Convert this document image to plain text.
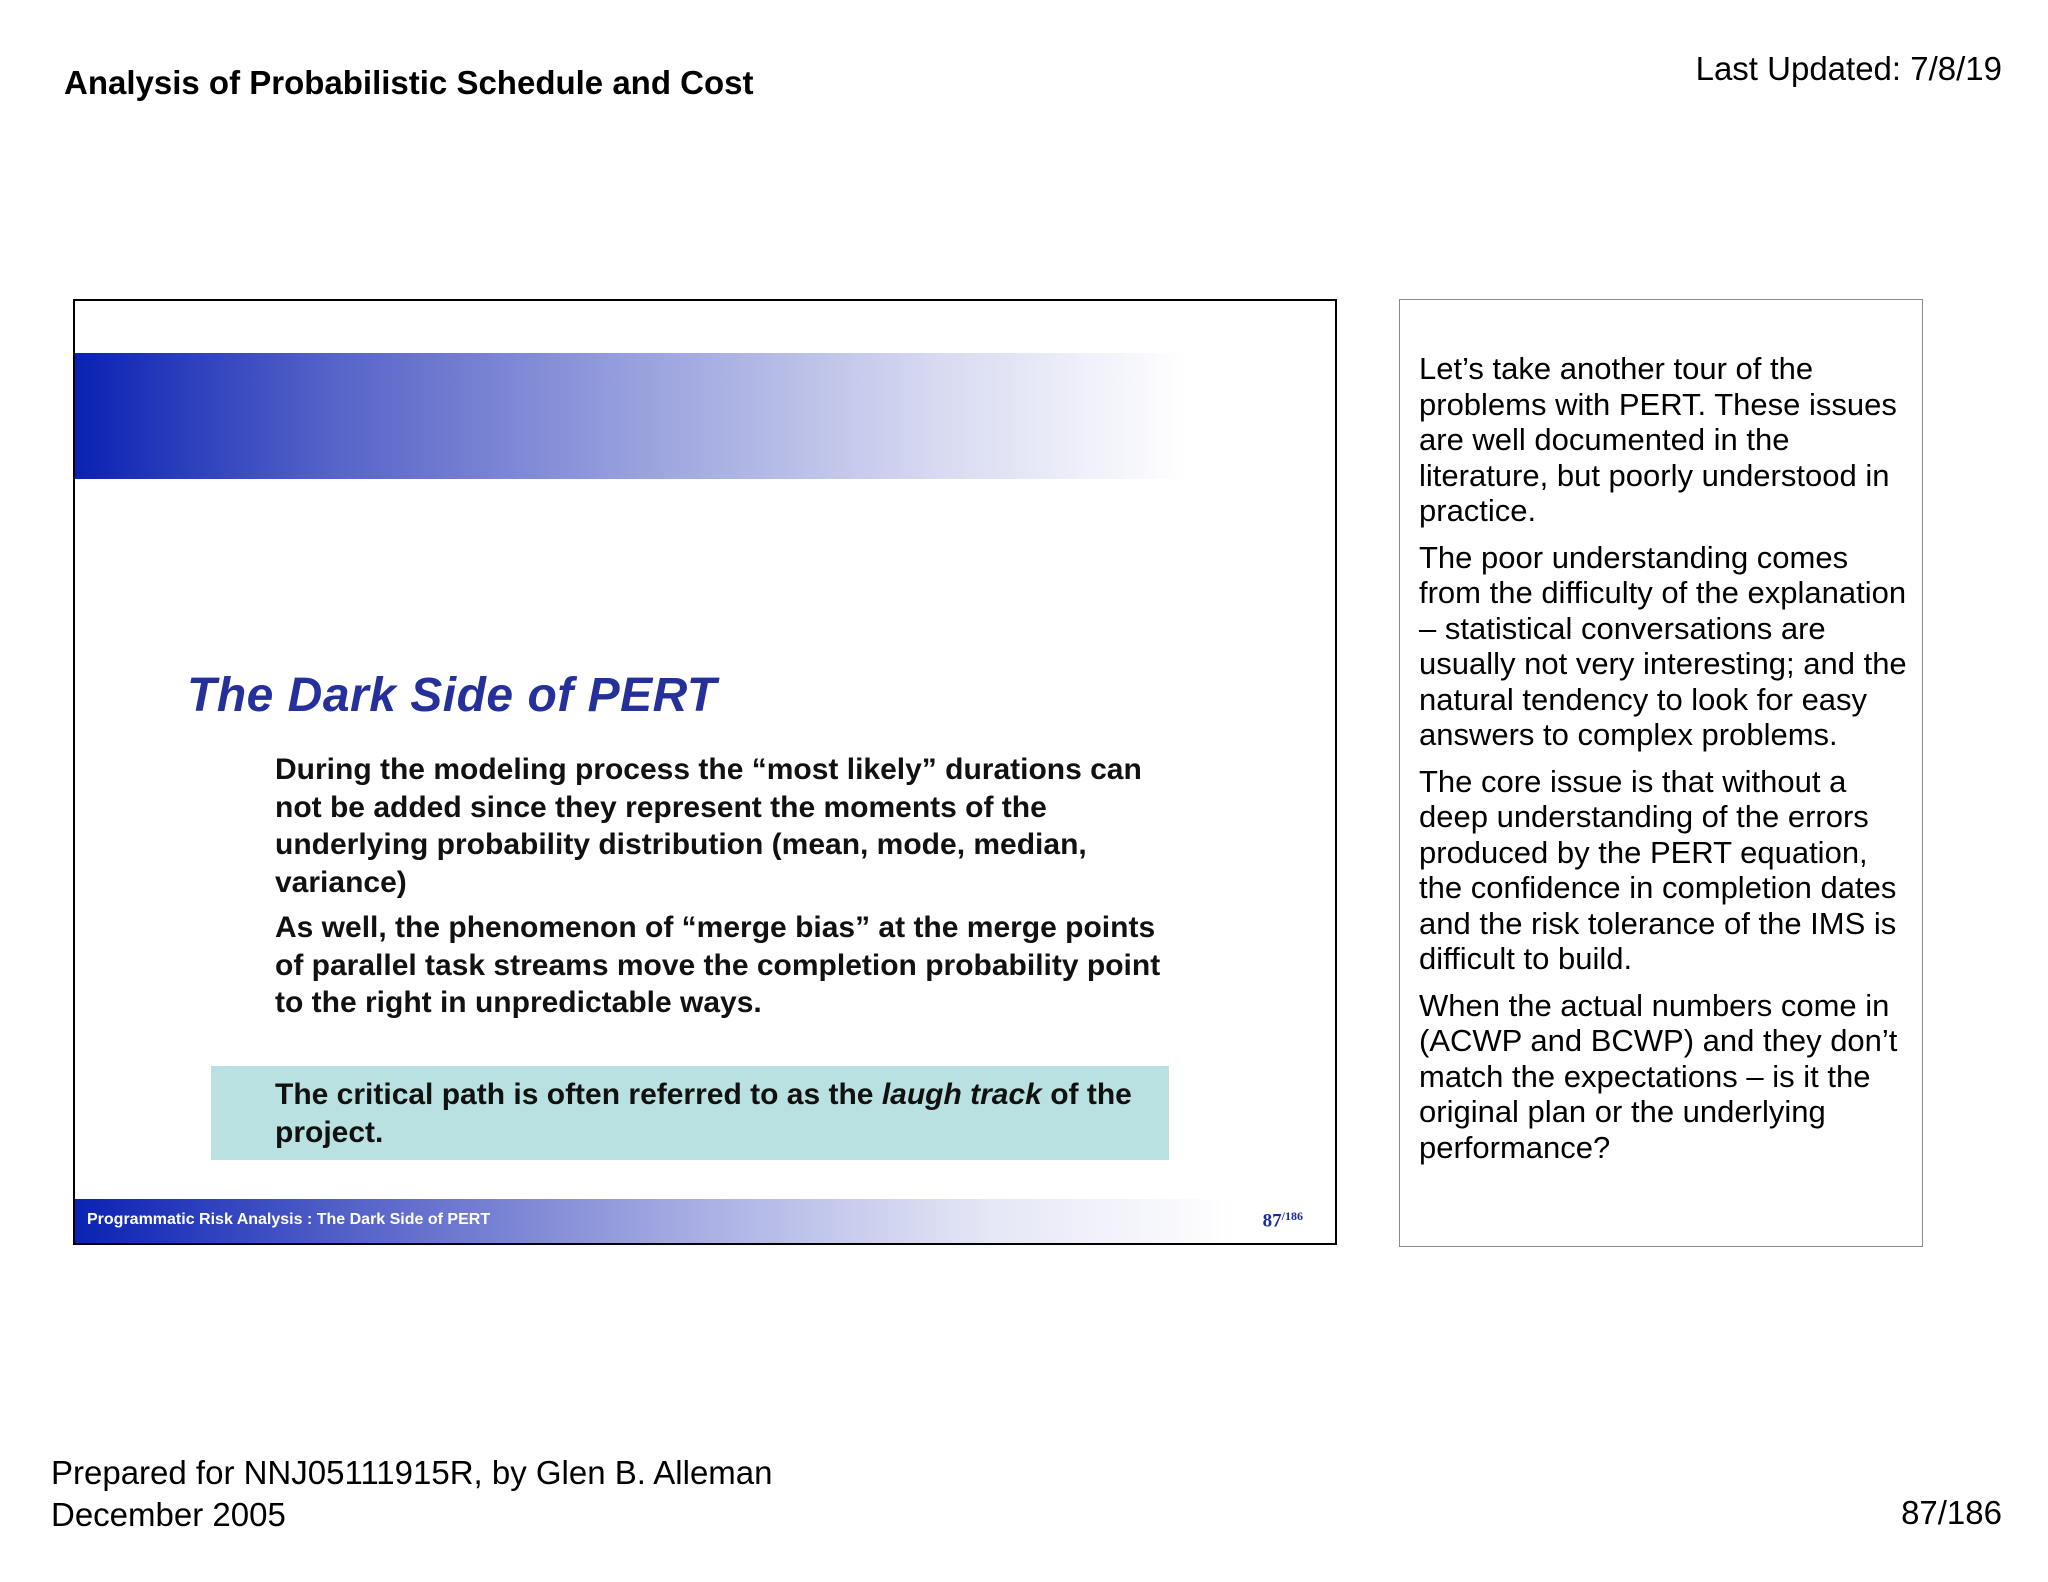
Analysis of Probabilistic Schedule and Cost	Last Updated: 7/8/19
The Dark Side of PERT

During the modeling process the “most likely” durations can not be added since they represent the moments of the underlying probability distribution (mean, mode, median, variance)

As well, the phenomenon of “merge bias” at the merge points of parallel task streams move the completion probability point to the right in unpredictable ways.

The critical path is often referred to as the laugh track of the project.
Programmatic Risk Analysis : The Dark Side of PERT	$87^{/186}$

Let’s take another tour of the problems with PERT. These issues are well documented in the literature, but poorly understood in practice.

The poor understanding comes from the difficulty of the explanation – statistical conversations are usually not very interesting; and the natural tendency to look for easy answers to complex problems.

The core issue is that without a deep understanding of the errors produced by the PERT equation, the confidence in completion dates and the risk tolerance of the IMS is difficult to build.

When the actual numbers come in (ACWP and BCWP) and they don’t match the expectations – is it the original plan or the underlying performance?

Prepared for NNJ05111915R, by Glen B. Alleman
December 2005	87/186
